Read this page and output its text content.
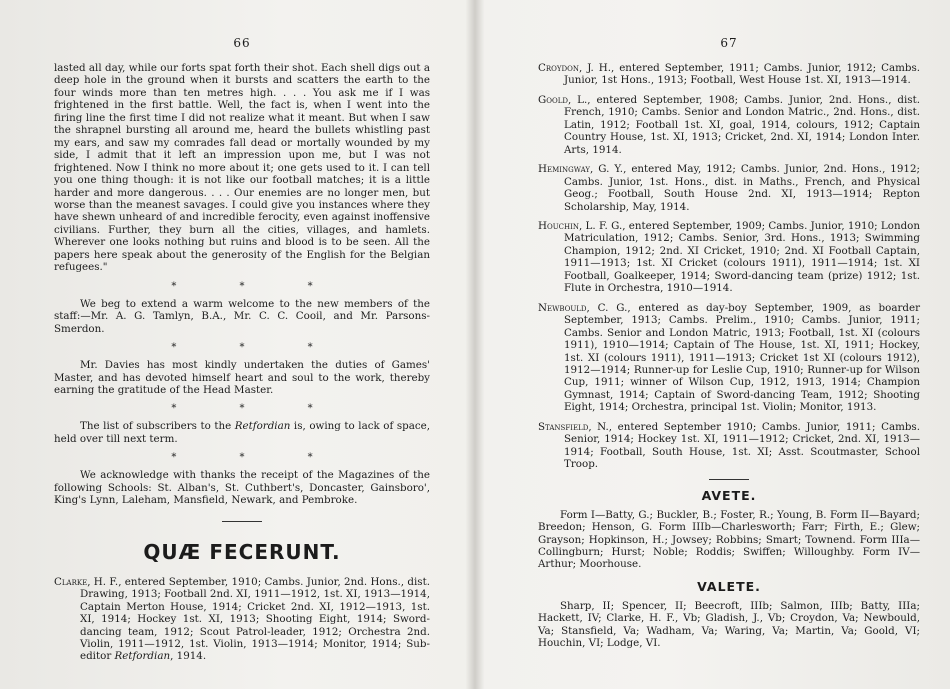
66

lasted all day, while our forts spat forth their shot. Each shell digs out a deep hole in the ground when it bursts and scatters the earth to the four winds more than ten metres high. . . . You ask me if I was frightened in the first battle. Well, the fact is, when I went into the firing line the first time I did not realize what it meant. But when I saw the shrapnel bursting all around me, heard the bullets whistling past my ears, and saw my comrades fall dead or mortally wounded by my side, I admit that it left an impression upon me, but I was not frightened. Now I think no more about it; one gets used to it. I can tell you one thing though: it is not like our football matches; it is a little harder and more dangerous. . . . Our enemies are no longer men, but worse than the meanest savages. I could give you instances where they have shewn unheard of and incredible ferocity, even against inoffensive civilians. Further, they burn all the cities, villages, and hamlets. Wherever one looks nothing but ruins and blood is to be seen. All the papers here speak about the generosity of the English for the Belgian refugees."

* * *

We beg to extend a warm welcome to the new members of the staff:—Mr. A. G. Tamlyn, B.A., Mr. C. C. Cooil, and Mr. Parsons-Smerdon.

* * *

Mr. Davies has most kindly undertaken the duties of Games' Master, and has devoted himself heart and soul to the work, thereby earning the gratitude of the Head Master.

* * *

The list of subscribers to the Retfordian is, owing to lack of space, held over till next term.

* * *

We acknowledge with thanks the receipt of the Magazines of the following Schools: St. Alban's, St. Cuthbert's, Doncaster, Gainsboro', King's Lynn, Laleham, Mansfield, Newark, and Pembroke.

QUÆ FECERUNT.
Clarke, H. F., entered September, 1910; Cambs. Junior, 2nd. Hons., dist. Drawing, 1913; Football 2nd. XI, 1911—1912, 1st. XI, 1913—1914, Captain Merton House, 1914; Cricket 2nd. XI, 1912—1913, 1st. XI, 1914; Hockey 1st. XI, 1913; Shooting Eight, 1914; Sword-dancing team, 1912; Scout Patrol-leader, 1912; Orchestra 2nd. Violin, 1911—1912, 1st. Violin, 1913—1914; Monitor, 1914; Sub-editor Retfordian, 1914.
67
Croydon, J. H., entered September, 1911; Cambs. Junior, 1912; Cambs. Junior, 1st Hons., 1913; Football, West House 1st. XI, 1913—1914.
Goold, L., entered September, 1908; Cambs. Junior, 2nd. Hons., dist. French, 1910; Cambs. Senior and London Matric., 2nd. Hons., dist. Latin, 1912; Football 1st. XI, goal, 1914, colours, 1912; Captain Country House, 1st. XI, 1913; Cricket, 2nd. XI, 1914; London Inter. Arts, 1914.
Hemingway, G. Y., entered May, 1912; Cambs. Junior, 2nd. Hons., 1912; Cambs. Junior, 1st. Hons., dist. in Maths., French, and Physical Geog.; Football, South House 2nd. XI, 1913—1914; Repton Scholarship, May, 1914.
Houchin, L. F. G., entered September, 1909; Cambs. Junior, 1910; London Matriculation, 1912; Cambs. Senior, 3rd. Hons., 1913; Swimming Champion, 1912; 2nd. XI Cricket, 1910; 2nd. XI Football Captain, 1911—1913; 1st. XI Cricket (colours 1911), 1911—1914; 1st. XI Football, Goalkeeper, 1914; Sword-dancing team (prize) 1912; 1st. Flute in Orchestra, 1910—1914.
Newbould, C. G., entered as day-boy September, 1909, as boarder September, 1913; Cambs. Prelim., 1910; Cambs. Junior, 1911; Cambs. Senior and London Matric, 1913; Football, 1st. XI (colours 1911), 1910—1914; Captain of The House, 1st. XI, 1911; Hockey, 1st. XI (colours 1911), 1911—1913; Cricket 1st XI (colours 1912), 1912—1914; Runner-up for Leslie Cup, 1910; Runner-up for Wilson Cup, 1911; winner of Wilson Cup, 1912, 1913, 1914; Champion Gymnast, 1914; Captain of Sword-dancing Team, 1912; Shooting Eight, 1914; Orchestra, principal 1st. Violin; Monitor, 1913.
Stansfield, N., entered September 1910; Cambs. Junior, 1911; Cambs. Senior, 1914; Hockey 1st. XI, 1911—1912; Cricket, 2nd. XI, 1913—1914; Football, South House, 1st. XI; Asst. Scoutmaster, School Troop.
AVETE.

Form I—Batty, G.; Buckler, B.; Foster, R.; Young, B. Form II—Bayard; Breedon; Henson, G. Form IIIb—Charlesworth; Farr; Firth, E.; Glew; Grayson; Hopkinson, H.; Jowsey; Robbins; Smart; Townend. Form IIIa—Collingburn; Hurst; Noble; Roddis; Swiffen; Willoughby. Form IV—Arthur; Moorhouse.

VALETE.

Sharp, II; Spencer, II; Beecroft, IIIb; Salmon, IIIb; Batty, IIIa; Hackett, IV; Clarke, H. F., Vb; Gladish, J., Vb; Croydon, Va; Newbould, Va; Stansfield, Va; Wadham, Va; Waring, Va; Martin, Va; Goold, VI; Houchin, VI; Lodge, VI.
